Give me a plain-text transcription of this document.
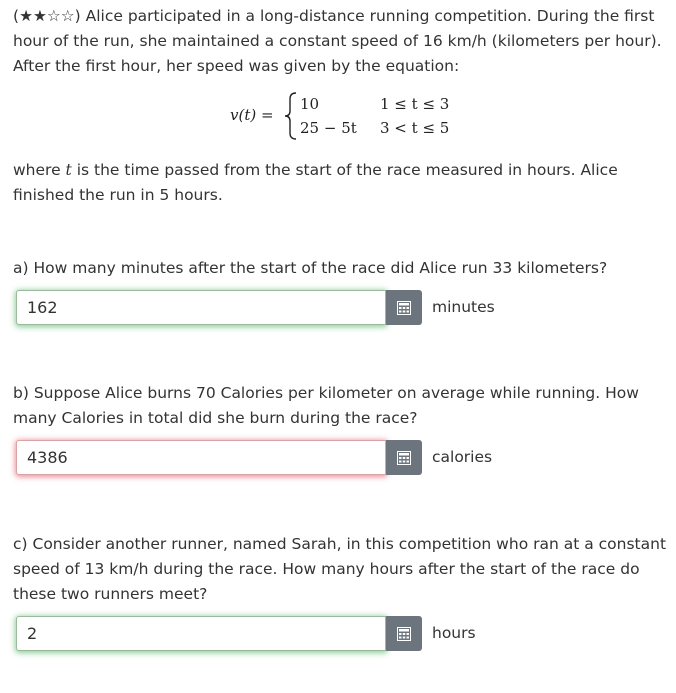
(★★☆☆) Alice participated in a long-distance running competition. During the first hour of the run, she maintained a constant speed of 16 km/h (kilometers per hour). After the first hour, her speed was given by the equation:
v(t) =
10	1 ≤ t ≤ 3
25 − 5t 3 < t ≤ 5
where t is the time passed from the start of the race measured in hours. Alice finished the run in 5 hours.
a) How many minutes after the start of the race did Alice run 33 kilometers?
162	minutes
b) Suppose Alice burns 70 Calories per kilometer on average while running. How many Calories in total did she burn during the race?
4386	calories
c) Consider another runner, named Sarah, in this competition who ran at a constant speed of 13 km/h during the race. How many hours after the start of the race do these two runners meet?
2	hours
